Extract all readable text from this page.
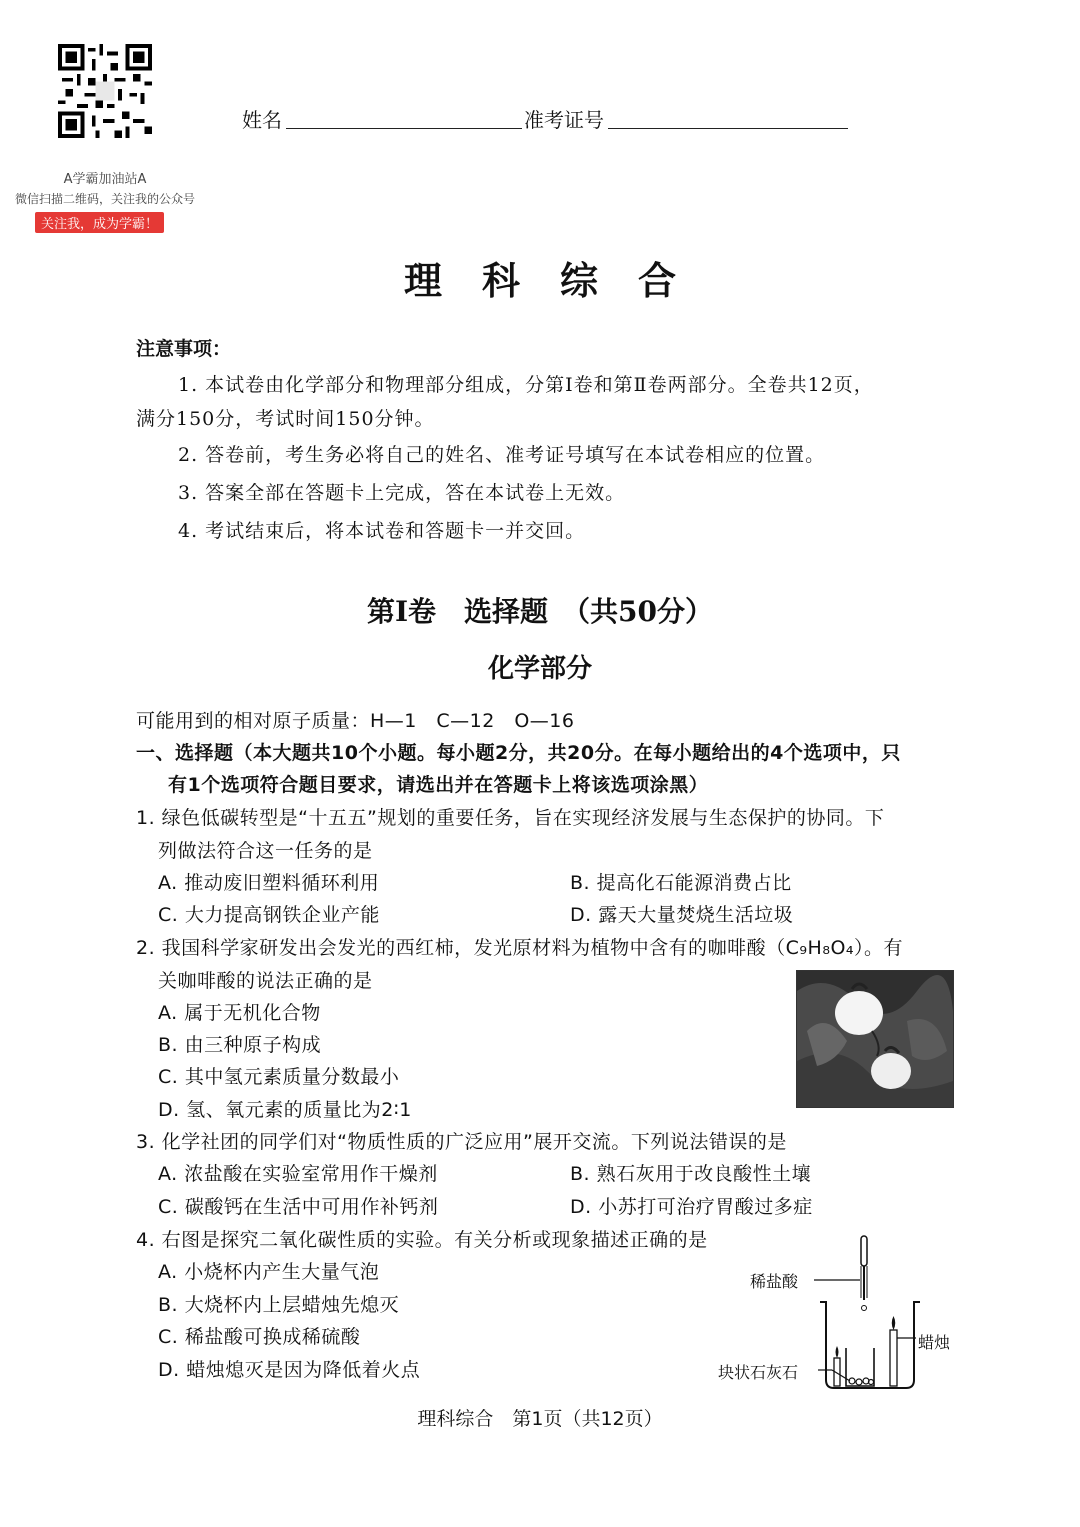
A学霸加油站A
微信扫描二维码，关注我的公众号
关注我，成为学霸！
姓名	准考证号
理科综合
注意事项：
1. 本试卷由化学部分和物理部分组成，分第Ⅰ卷和第Ⅱ卷两部分。全卷共12页，
满分150分，考试时间150分钟。
2. 答卷前，考生务必将自己的姓名、准考证号填写在本试卷相应的位置。
3. 答案全部在答题卡上完成，答在本试卷上无效。
4. 考试结束后，将本试卷和答题卡一并交回。
第Ⅰ卷　选择题　（共50分）
化学部分
可能用到的相对原子质量：H—1　C—12　O—16
一、选择题（本大题共10个小题。每小题2分，共20分。在每小题给出的4个选项中，只
有1个选项符合题目要求，请选出并在答题卡上将该选项涂黑）
1. 绿色低碳转型是“十五五”规划的重要任务，旨在实现经济发展与生态保护的协同。下
列做法符合这一任务的是
A. 推动废旧塑料循环利用	B. 提高化石能源消费占比
C. 大力提高钢铁企业产能	D. 露天大量焚烧生活垃圾
2. 我国科学家研发出会发光的西红柿，发光原材料为植物中含有的咖啡酸（C₉H₈O₄）。有
关咖啡酸的说法正确的是
A. 属于无机化合物
B. 由三种原子构成
C. 其中氢元素质量分数最小
D. 氢、氧元素的质量比为2∶1
3. 化学社团的同学们对“物质性质的广泛应用”展开交流。下列说法错误的是
A. 浓盐酸在实验室常用作干燥剂	B. 熟石灰用于改良酸性土壤
C. 碳酸钙在生活中可用作补钙剂	D. 小苏打可治疗胃酸过多症
4. 右图是探究二氧化碳性质的实验。有关分析或现象描述正确的是
A. 小烧杯内产生大量气泡
B. 大烧杯内上层蜡烛先熄灭
C. 稀盐酸可换成稀硫酸
D. 蜡烛熄灭是因为降低着火点
稀盐酸
蜡烛
块状石灰石
理科综合　第1页（共12页）
